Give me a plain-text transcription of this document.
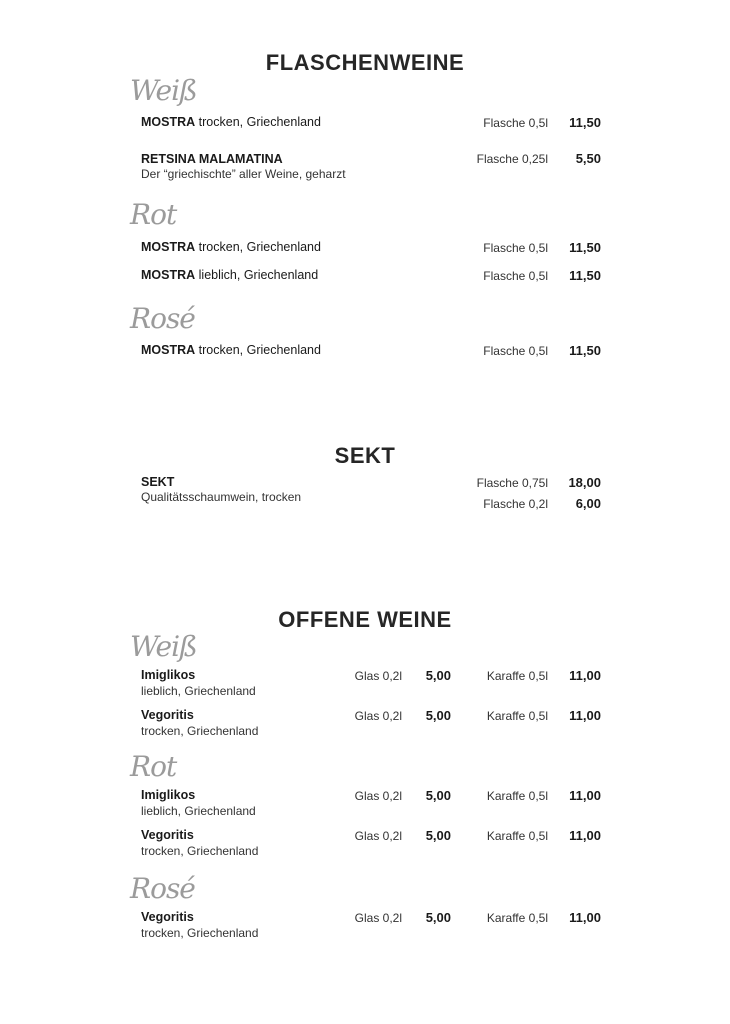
FLASCHENWEINE
Weiß
MOSTRA trocken, Griechenland	Flasche 0,5l	11,50
RETSINA MALAMATINA
Der “griechischte” aller Weine, geharzt
Flasche 0,25l	5,50
Rot
MOSTRA trocken, Griechenland	Flasche 0,5l	11,50
MOSTRA lieblich, Griechenland	Flasche 0,5l	11,50
Rosé
MOSTRA trocken, Griechenland	Flasche 0,5l	11,50
SEKT
SEKT
Qualitätsschaumwein, trocken
Flasche 0,75l	18,00
Flasche 0,2l	6,00
OFFENE WEINE
Weiß
Imiglikos
lieblich, Griechenland
Glas 0,2l	5,00	Karaffe 0,5l	11,00
Vegoritis
trocken, Griechenland
Glas 0,2l	5,00	Karaffe 0,5l	11,00
Rot
Imiglikos
lieblich, Griechenland
Glas 0,2l	5,00	Karaffe 0,5l	11,00
Vegoritis
trocken, Griechenland
Glas 0,2l	5,00	Karaffe 0,5l	11,00
Rosé
Vegoritis
trocken, Griechenland
Glas 0,2l	5,00	Karaffe 0,5l	11,00
